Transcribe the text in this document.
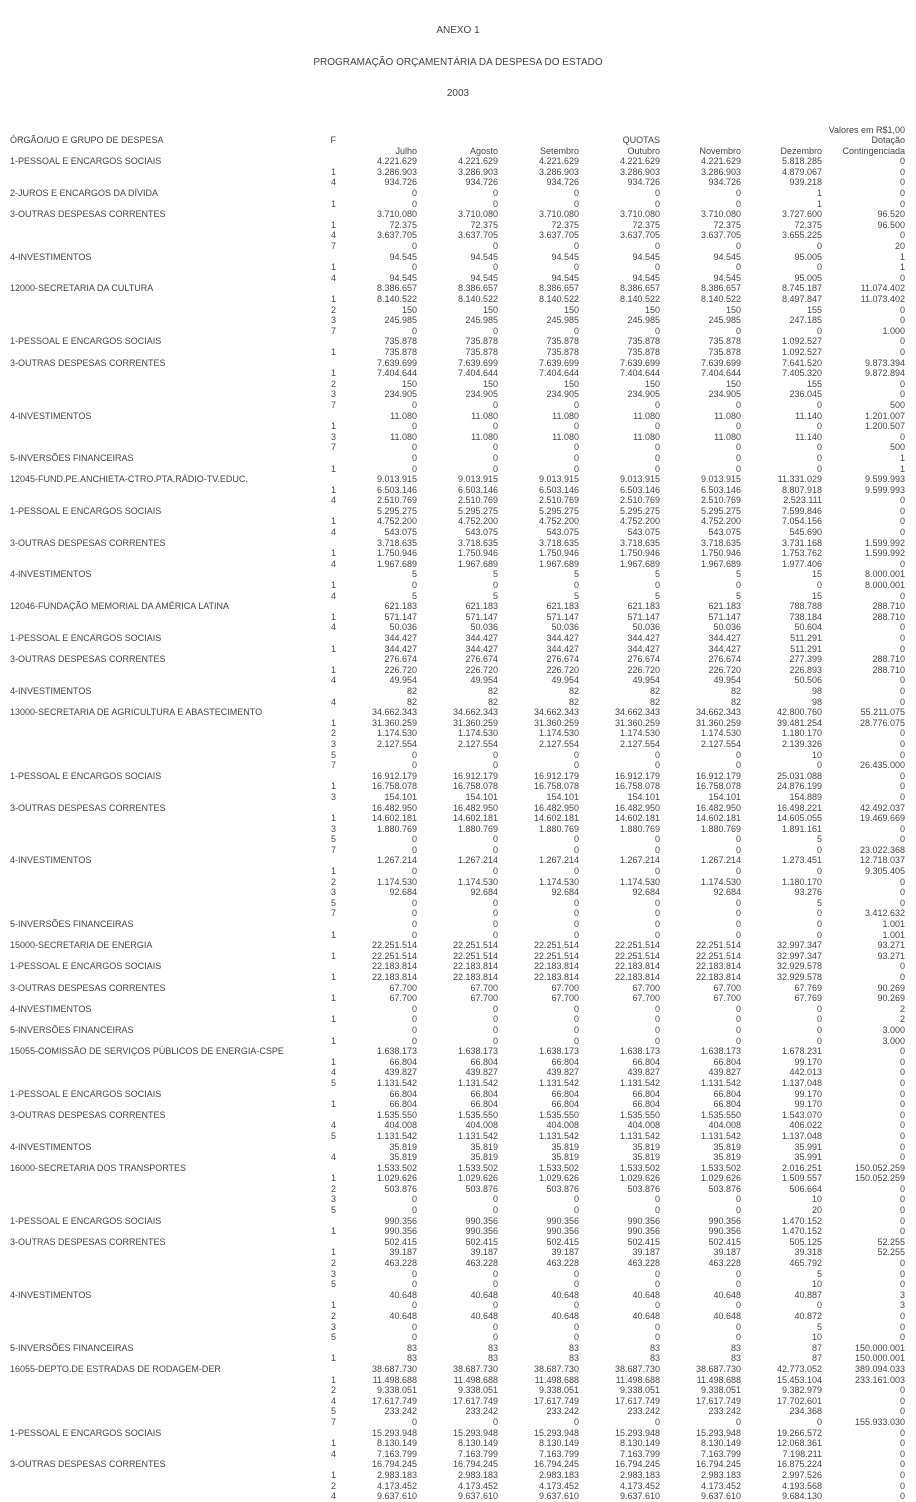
ANEXO 1

PROGRAMAÇÃO ORÇAMENTÁRIA DA DESPESA DO ESTADO

2003

Valores em R$1,00								
ÓRGÃO/UO E GRUPO DE DESPESA	F				QUOTAS			Dotação
		Julho	Agosto	Setembro	Outubro	Novembro	Dezembro	Contingenciada
1-PESSOAL E ENCARGOS SOCIAIS		4.221.629	4.221.629	4.221.629	4.221.629	4.221.629	5.818.285	0
	1	3.286.903	3.286.903	3.286.903	3.286.903	3.286.903	4.879.067	0
	4	934.726	934.726	934.726	934.726	934.726	939.218	0
2-JUROS E ENCARGOS DA DÍVIDA		0	0	0	0	0	1	0
	1	0	0	0	0	0	1	0
3-OUTRAS DESPESAS CORRENTES		3.710.080	3.710.080	3.710.080	3.710.080	3.710.080	3.727.600	96.520
	1	72.375	72.375	72.375	72.375	72.375	72.375	96.500
	4	3.637.705	3.637.705	3.637.705	3.637.705	3.637.705	3.655.225	0
	7	0	0	0	0	0	0	20
4-INVESTIMENTOS		94.545	94.545	94.545	94.545	94.545	95.005	1
	1	0	0	0	0	0	0	1
	4	94.545	94.545	94.545	94.545	94.545	95.005	0
12000-SECRETARIA DA CULTURA		8.386.657	8.386.657	8.386.657	8.386.657	8.386.657	8.745.187	11.074.402
	1	8.140.522	8.140.522	8.140.522	8.140.522	8.140.522	8.497.847	11.073.402
	2	150	150	150	150	150	155	0
	3	245.985	245.985	245.985	245.985	245.985	247.185	0
	7	0	0	0	0	0	0	1.000
1-PESSOAL E ENCARGOS SOCIAIS		735.878	735.878	735.878	735.878	735.878	1.092.527	0
	1	735.878	735.878	735.878	735.878	735.878	1.092.527	0
3-OUTRAS DESPESAS CORRENTES		7.639.699	7.639.699	7.639.699	7.639.699	7.639.699	7.641.520	9.873.394
	1	7.404.644	7.404.644	7.404.644	7.404.644	7.404.644	7.405.320	9.872.894
	2	150	150	150	150	150	155	0
	3	234.905	234.905	234.905	234.905	234.905	236.045	0
	7	0	0	0	0	0	0	500
4-INVESTIMENTOS		11.080	11.080	11.080	11.080	11.080	11.140	1.201.007
	1	0	0	0	0	0	0	1.200.507
	3	11.080	11.080	11.080	11.080	11.080	11.140	0
	7	0	0	0	0	0	0	500
5-INVERSÕES FINANCEIRAS		0	0	0	0	0	0	1
	1	0	0	0	0	0	0	1
12045-FUND.PE.ANCHIETA-CTRO.PTA.RÁDIO-TV.EDUC.		9.013.915	9.013.915	9.013.915	9.013.915	9.013.915	11.331.029	9.599.993
	1	6.503.146	6.503.146	6.503.146	6.503.146	6.503.146	8.807.918	9.599.993
	4	2.510.769	2.510.769	2.510.769	2.510.769	2.510.769	2.523.111	0
1-PESSOAL E ENCARGOS SOCIAIS		5.295.275	5.295.275	5.295.275	5.295.275	5.295.275	7.599.846	0
	1	4.752.200	4.752.200	4.752.200	4.752.200	4.752.200	7.054.156	0
	4	543.075	543.075	543.075	543.075	543.075	545.690	0
3-OUTRAS DESPESAS CORRENTES		3.718.635	3.718.635	3.718.635	3.718.635	3.718.635	3.731.168	1.599.992
	1	1.750.946	1.750.946	1.750.946	1.750.946	1.750.946	1.753.762	1.599.992
	4	1.967.689	1.967.689	1.967.689	1.967.689	1.967.689	1.977.406	0
4-INVESTIMENTOS		5	5	5	5	5	15	8.000.001
	1	0	0	0	0	0	0	8.000.001
	4	5	5	5	5	5	15	0
12046-FUNDAÇÃO MEMORIAL DA AMÉRICA LATINA		621.183	621.183	621.183	621.183	621.183	788.788	288.710
	1	571.147	571.147	571.147	571.147	571.147	738.184	288.710
	4	50.036	50.036	50.036	50.036	50.036	50.604	0
1-PESSOAL E ENCARGOS SOCIAIS		344.427	344.427	344.427	344.427	344.427	511.291	0
	1	344.427	344.427	344.427	344.427	344.427	511.291	0
3-OUTRAS DESPESAS CORRENTES		276.674	276.674	276.674	276.674	276.674	277.399	288.710
	1	226.720	226.720	226.720	226.720	226.720	226.893	288.710
	4	49.954	49.954	49.954	49.954	49.954	50.506	0
4-INVESTIMENTOS		82	82	82	82	82	98	0
	4	82	82	82	82	82	98	0
13000-SECRETARIA DE AGRICULTURA E ABASTECIMENTO		34.662.343	34.662.343	34.662.343	34.662.343	34.662.343	42.800.760	55.211.075
	1	31.360.259	31.360.259	31.360.259	31.360.259	31.360.259	39.481.254	28.776.075
	2	1.174.530	1.174.530	1.174.530	1.174.530	1.174.530	1.180.170	0
	3	2.127.554	2.127.554	2.127.554	2.127.554	2.127.554	2.139.326	0
	5	0	0	0	0	0	10	0
	7	0	0	0	0	0	0	26.435.000
1-PESSOAL E ENCARGOS SOCIAIS		16.912.179	16.912.179	16.912.179	16.912.179	16.912.179	25.031.088	0
	1	16.758.078	16.758.078	16.758.078	16.758.078	16.758.078	24.876.199	0
	3	154.101	154.101	154.101	154.101	154.101	154.889	0
3-OUTRAS DESPESAS CORRENTES		16.482.950	16.482.950	16.482.950	16.482.950	16.482.950	16.498.221	42.492.037
	1	14.602.181	14.602.181	14.602.181	14.602.181	14.602.181	14.605.055	19.469.669
	3	1.880.769	1.880.769	1.880.769	1.880.769	1.880.769	1.891.161	0
	5	0	0	0	0	0	5	0
	7	0	0	0	0	0	0	23.022.368
4-INVESTIMENTOS		1.267.214	1.267.214	1.267.214	1.267.214	1.267.214	1.273.451	12.718.037
	1	0	0	0	0	0	0	9.305.405
	2	1.174.530	1.174.530	1.174.530	1.174.530	1.174.530	1.180.170	0
	3	92.684	92.684	92.684	92.684	92.684	93.276	0
	5	0	0	0	0	0	5	0
	7	0	0	0	0	0	0	3.412.632
5-INVERSÕES FINANCEIRAS		0	0	0	0	0	0	1.001
	1	0	0	0	0	0	0	1.001
15000-SECRETARIA DE ENERGIA		22.251.514	22.251.514	22.251.514	22.251.514	22.251.514	32.997.347	93.271
	1	22.251.514	22.251.514	22.251.514	22.251.514	22.251.514	32.997.347	93.271
1-PESSOAL E ENCARGOS SOCIAIS		22.183.814	22.183.814	22.183.814	22.183.814	22.183.814	32.929.578	0
	1	22.183.814	22.183.814	22.183.814	22.183.814	22.183.814	32.929.578	0
3-OUTRAS DESPESAS CORRENTES		67.700	67.700	67.700	67.700	67.700	67.769	90.269
	1	67.700	67.700	67.700	67.700	67.700	67.769	90.269
4-INVESTIMENTOS		0	0	0	0	0	0	2
	1	0	0	0	0	0	0	2
5-INVERSÕES FINANCEIRAS		0	0	0	0	0	0	3.000
	1	0	0	0	0	0	0	3.000
15055-COMISSÃO DE SERVIÇOS PÚBLICOS DE ENERGIA-CSPE		1.638.173	1.638.173	1.638.173	1.638.173	1.638.173	1.678.231	0
	1	66.804	66.804	66.804	66.804	66.804	99.170	0
	4	439.827	439.827	439.827	439.827	439.827	442.013	0
	5	1.131.542	1.131.542	1.131.542	1.131.542	1.131.542	1.137.048	0
1-PESSOAL E ENCARGOS SOCIAIS		66.804	66.804	66.804	66.804	66.804	99.170	0
	1	66.804	66.804	66.804	66.804	66.804	99.170	0
3-OUTRAS DESPESAS CORRENTES		1.535.550	1.535.550	1.535.550	1.535.550	1.535.550	1.543.070	0
	4	404.008	404.008	404.008	404.008	404.008	406.022	0
	5	1.131.542	1.131.542	1.131.542	1.131.542	1.131.542	1.137.048	0
4-INVESTIMENTOS		35.819	35.819	35.819	35.819	35.819	35.991	0
	4	35.819	35.819	35.819	35.819	35.819	35.991	0
16000-SECRETARIA DOS TRANSPORTES		1.533.502	1.533.502	1.533.502	1.533.502	1.533.502	2.016.251	150.052.259
	1	1.029.626	1.029.626	1.029.626	1.029.626	1.029.626	1.509.557	150.052.259
	2	503.876	503.876	503.876	503.876	503.876	506.664	0
	3	0	0	0	0	0	10	0
	5	0	0	0	0	0	20	0
1-PESSOAL E ENCARGOS SOCIAIS		990.356	990.356	990.356	990.356	990.356	1.470.152	0
	1	990.356	990.356	990.356	990.356	990.356	1.470.152	0
3-OUTRAS DESPESAS CORRENTES		502.415	502.415	502.415	502.415	502.415	505.125	52.255
	1	39.187	39.187	39.187	39.187	39.187	39.318	52.255
	2	463.228	463.228	463.228	463.228	463.228	465.792	0
	3	0	0	0	0	0	5	0
	5	0	0	0	0	0	10	0
4-INVESTIMENTOS		40.648	40.648	40.648	40.648	40.648	40.887	3
	1	0	0	0	0	0	0	3
	2	40.648	40.648	40.648	40.648	40.648	40.872	0
	3	0	0	0	0	0	5	0
	5	0	0	0	0	0	10	0
5-INVERSÕES FINANCEIRAS		83	83	83	83	83	87	150.000.001
	1	83	83	83	83	83	87	150.000.001
16055-DEPTO.DE ESTRADAS DE RODAGEM-DER		38.687.730	38.687.730	38.687.730	38.687.730	38.687.730	42.773.052	389.094.033
	1	11.498.688	11.498.688	11.498.688	11.498.688	11.498.688	15.453.104	233.161.003
	2	9.338.051	9.338.051	9.338.051	9.338.051	9.338.051	9.382.979	0
	4	17.617.749	17.617.749	17.617.749	17.617.749	17.617.749	17.702.601	0
	5	233.242	233.242	233.242	233.242	233.242	234.368	0
	7	0	0	0	0	0	0	155.933.030
1-PESSOAL E ENCARGOS SOCIAIS		15.293.948	15.293.948	15.293.948	15.293.948	15.293.948	19.266.572	0
	1	8.130.149	8.130.149	8.130.149	8.130.149	8.130.149	12.068.361	0
	4	7.163.799	7.163.799	7.163.799	7.163.799	7.163.799	7.198.211	0
3-OUTRAS DESPESAS CORRENTES		16.794.245	16.794.245	16.794.245	16.794.245	16.794.245	16.875.224	0
	1	2.983.183	2.983.183	2.983.183	2.983.183	2.983.183	2.997.526	0
	2	4.173.452	4.173.452	4.173.452	4.173.452	4.173.452	4.193.568	0
	4	9.637.610	9.637.610	9.637.610	9.637.610	9.637.610	9.684.130	0
